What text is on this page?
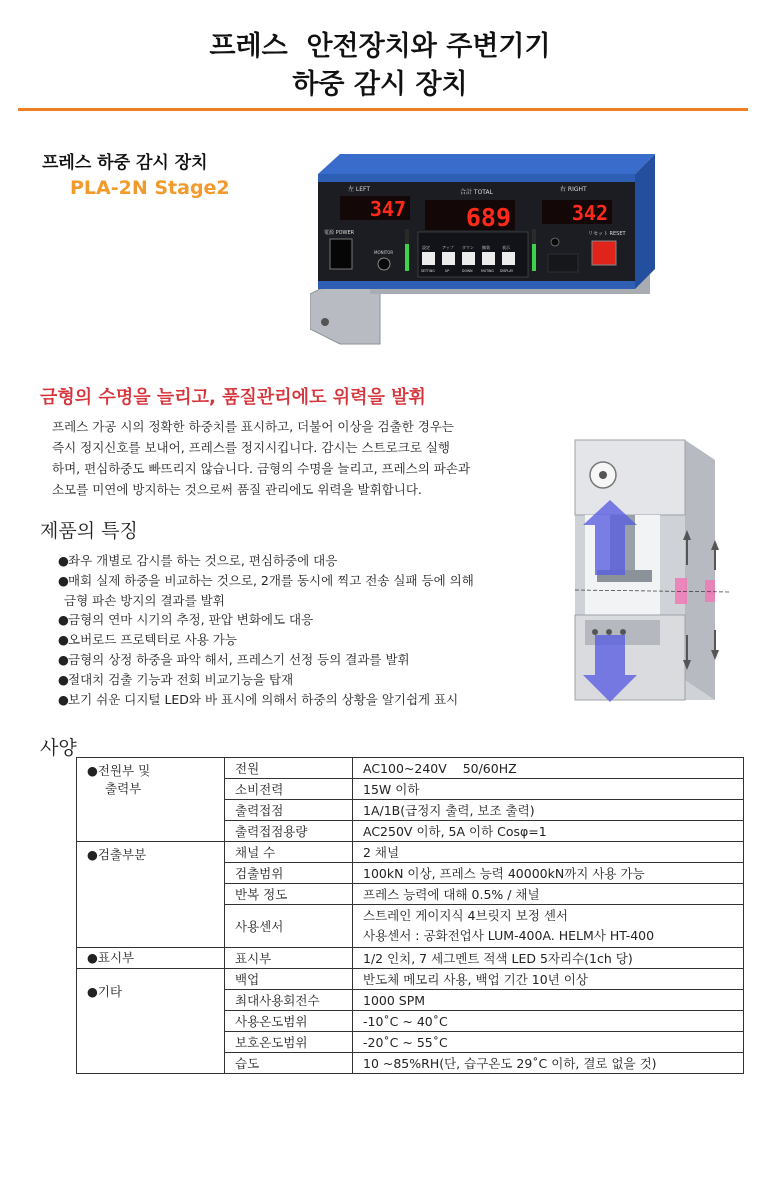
프레스  안전장치와 주변기기
하중 감시 장치
프레스 하중 감시 장치
PLA-2N Stage2	左 LEFT	合計 TOTAL	右 RIGHT
347 689	342
電源 POWER
MONITOR
設定	アップ ダウン 無効	表示
SETTING	UP	DOWN	MUTING DISPLAY
リセット RESET
금형의 수명을 늘리고, 품질관리에도 위력을 발휘

프레스 가공 시의 정확한 하중치를 표시하고, 더불어 이상을 검출한 경우는

즉시 정지신호를 보내어, 프레스를 정지시킵니다. 감시는 스트로크로 실행

하며, 편심하중도 빠뜨리지 않습니다. 금형의 수명을 늘리고, 프레스의 파손과

소모를 미연에 방지하는 것으로써 품질 관리에도 위력을 발휘합니다.

제품의 특징
● 좌우 개별로 감시를 하는 것으로, 편심하중에 대응
● 매회 실제 하중을 비교하는 것으로, 2개를 동시에 찍고 전송 실패 등에 의해
금형 파손 방지의 결과를 발휘
● 금형의 연마 시기의 추정, 판압 변화에도 대응
● 오버로드 프로텍터로 사용 가능
● 금형의 상정 하중을 파악 해서, 프레스기 선정 등의 결과를 발휘
● 절대치 검출 기능과 전회 비교기능을 탑재
● 보기 쉬운 디지털 LED와 바 표시에 의해서 하중의 상황을 알기쉽게 표시
사양
●전원부 및
출력부	전원	AC100~240V    50/60HZ
	소비전력	15W 이하
	출력접점	1A/1B(급정지 출력, 보조 출력)
	출력접점용량	AC250V 이하, 5A 이하 Cosφ=1
●검출부분	채널 수	2 채널
	검출범위	100kN 이상, 프레스 능력 40000kN까지 사용 가능
	반복 정도	프레스 능력에 대해 0.5% / 채널
	사용센서	스트레인 게이지식 4브릿지 보정 센서
사용센서 : 공화전업사 LUM-400A. HELM사 HT-400

●표시부	표시부	1/2 인치, 7 세그멘트 적색 LED 5자리수(1ch 당)
●기타	백업	반도체 메모리 사용, 백업 기간 10년 이상
	최대사용회전수	1000 SPM
	사용온도범위	-10˚C ~ 40˚C
	보호온도범위	-20˚C ~ 55˚C
	습도	10 ~85%RH(단, 습구온도 29˚C 이하, 결로 없을 것)
